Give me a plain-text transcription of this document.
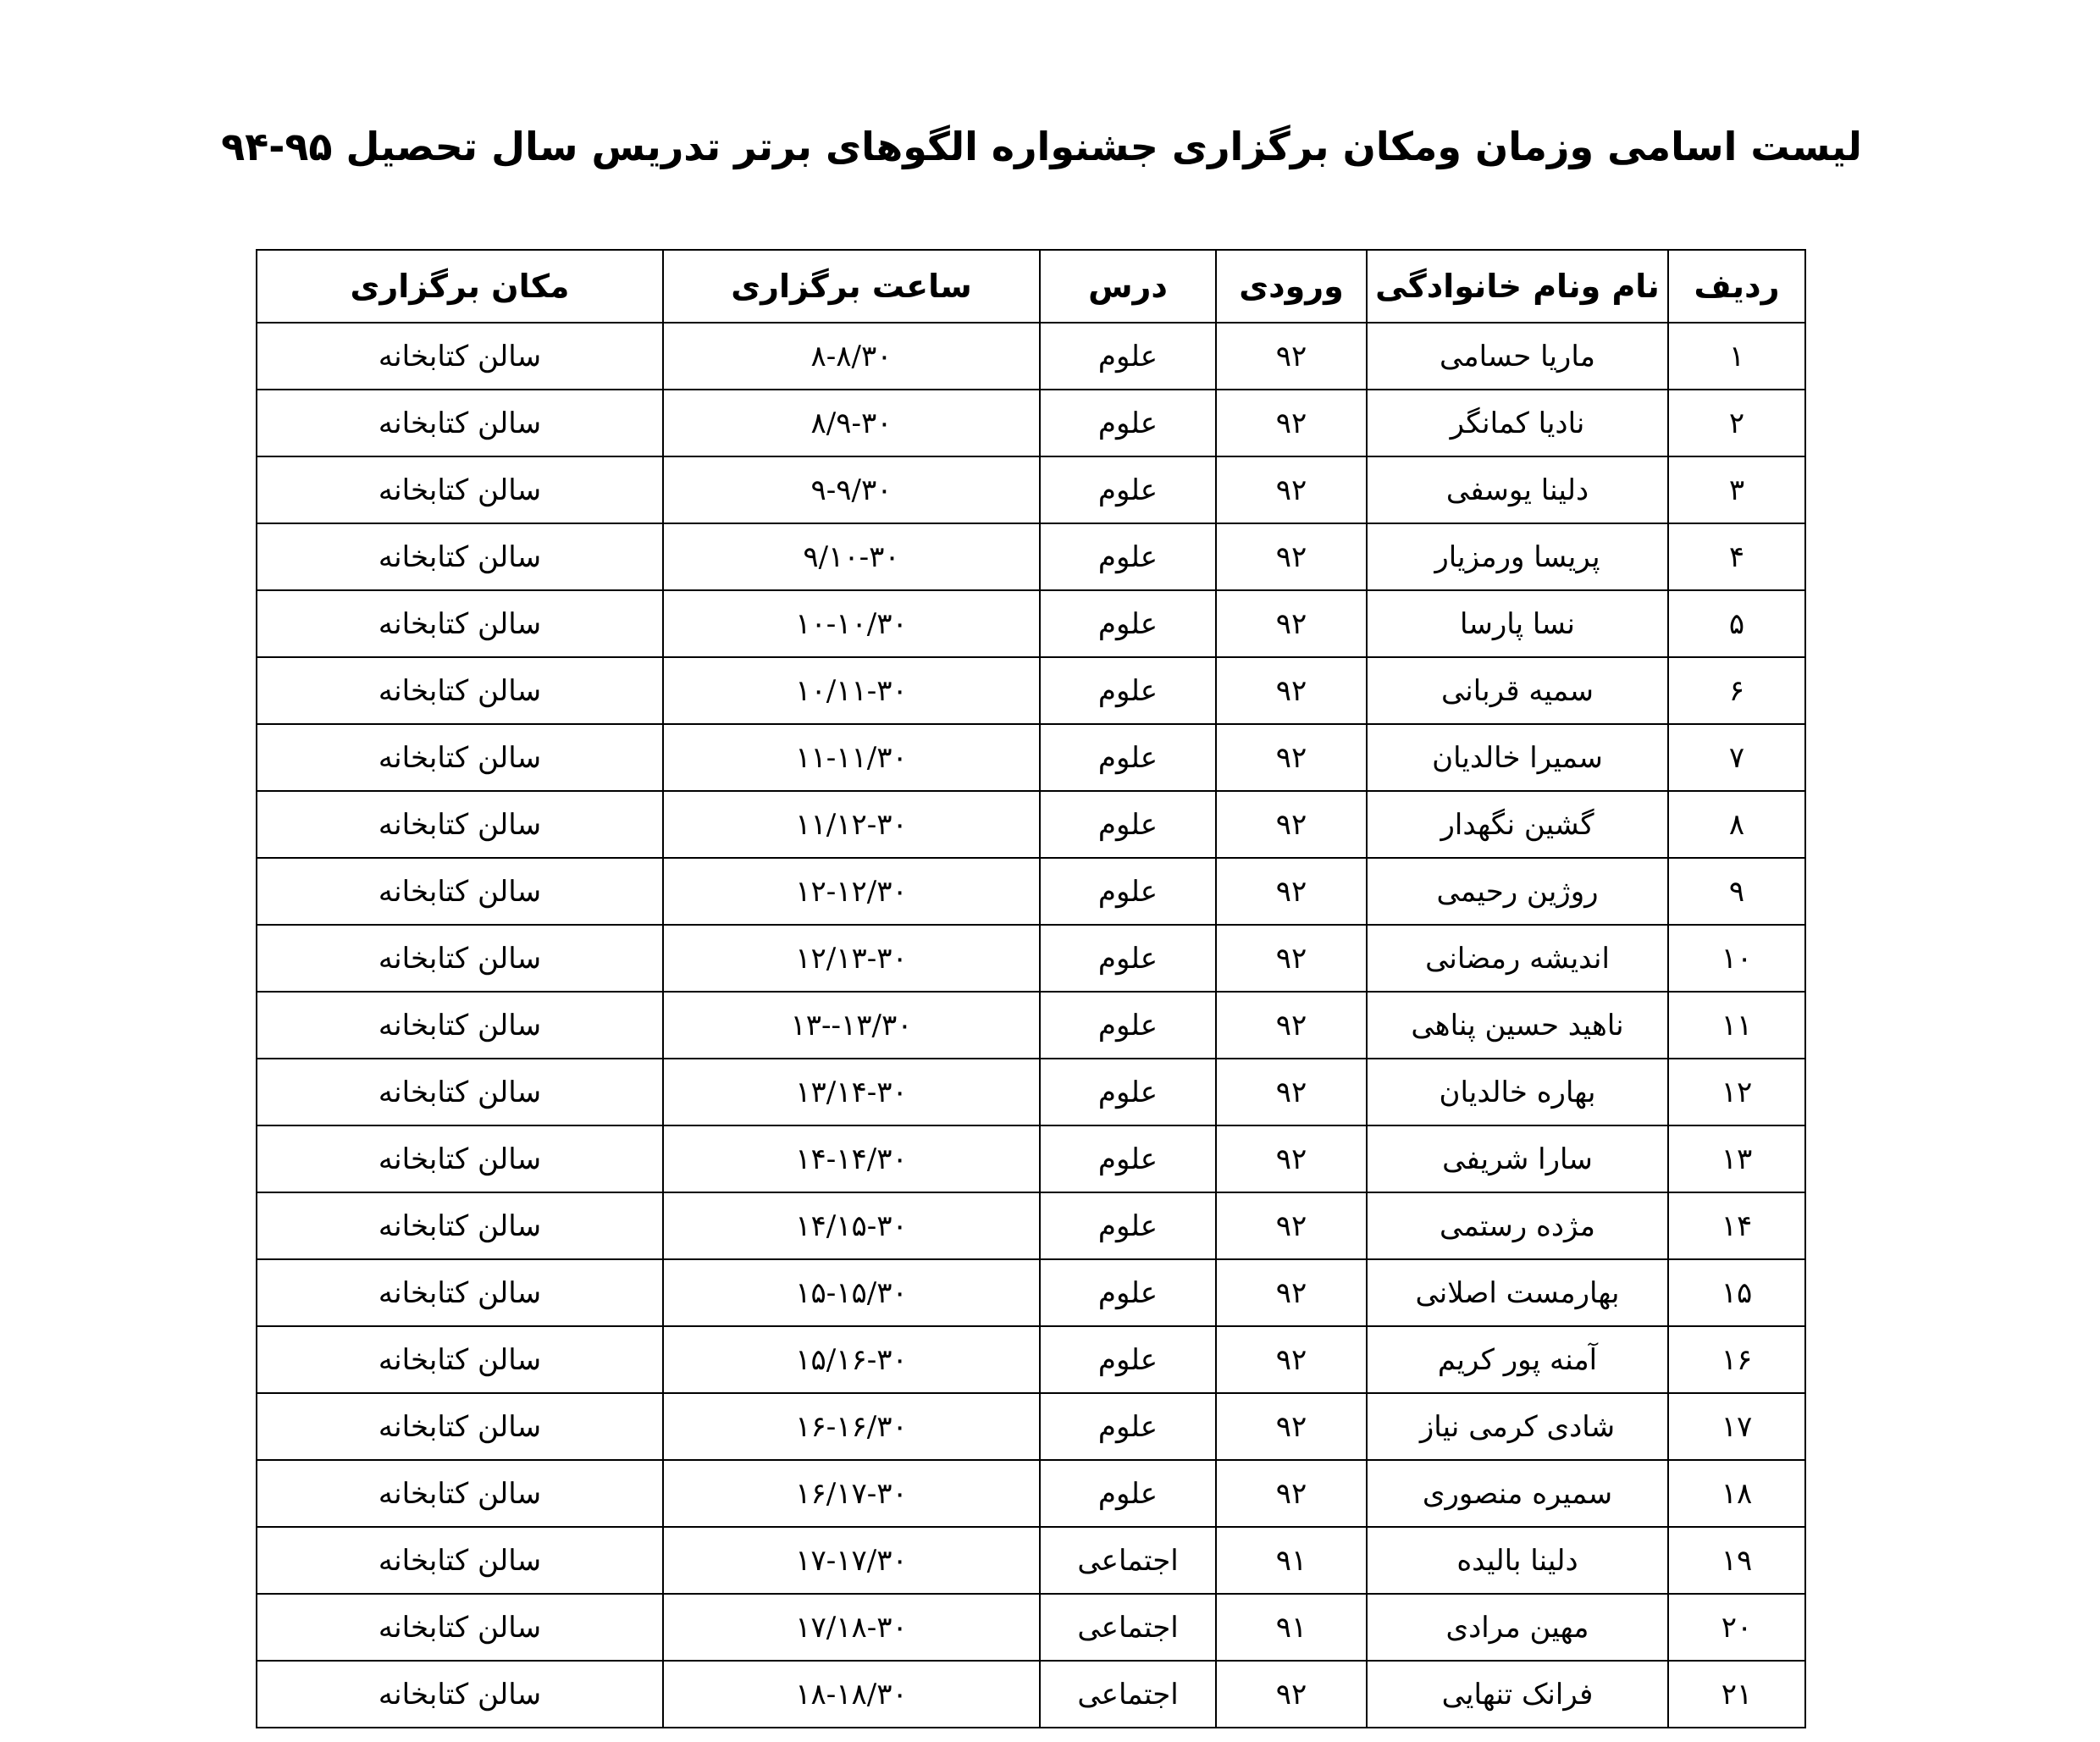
لیست اسامی وزمان ومکان برگزاری جشنواره الگوهای برتر تدریس سال تحصیل ۹۵-۹۴
ردیف	نام ونام خانوادگی	ورودی	درس	ساعت برگزاری	مکان برگزاری
۱	ماریا حسامی	۹۲	علوم	۸-۸/۳۰	سالن کتابخانه
۲	نادیا کمانگر	۹۲	علوم	۸/۹-۳۰	سالن کتابخانه
۳	دلینا یوسفی	۹۲	علوم	۹-۹/۳۰	سالن کتابخانه
۴	پریسا ورمزیار	۹۲	علوم	۹/۱۰-۳۰	سالن کتابخانه
۵	نسا پارسا	۹۲	علوم	۱۰-۱۰/۳۰	سالن کتابخانه
۶	سمیه قربانی	۹۲	علوم	۱۰/۱۱-۳۰	سالن کتابخانه
۷	سمیرا خالدیان	۹۲	علوم	۱۱-۱۱/۳۰	سالن کتابخانه
۸	گشین نگهدار	۹۲	علوم	۱۱/۱۲-۳۰	سالن کتابخانه
۹	روژین رحیمی	۹۲	علوم	۱۲-۱۲/۳۰	سالن کتابخانه
۱۰	اندیشه رمضانی	۹۲	علوم	۱۲/۱۳-۳۰	سالن کتابخانه
۱۱	ناهید حسین پناهی	۹۲	علوم	۱۳--۱۳/۳۰	سالن کتابخانه
۱۲	بهاره خالدیان	۹۲	علوم	۱۳/۱۴-۳۰	سالن کتابخانه
۱۳	سارا شریفی	۹۲	علوم	۱۴-۱۴/۳۰	سالن کتابخانه
۱۴	مژده رستمی	۹۲	علوم	۱۴/۱۵-۳۰	سالن کتابخانه
۱۵	بهارمست اصلانی	۹۲	علوم	۱۵-۱۵/۳۰	سالن کتابخانه
۱۶	آمنه پور کریم	۹۲	علوم	۱۵/۱۶-۳۰	سالن کتابخانه
۱۷	شادی کرمی نیاز	۹۲	علوم	۱۶-۱۶/۳۰	سالن کتابخانه
۱۸	سمیره منصوری	۹۲	علوم	۱۶/۱۷-۳۰	سالن کتابخانه
۱۹	دلینا بالیده	۹۱	اجتماعی	۱۷-۱۷/۳۰	سالن کتابخانه
۲۰	مهین مرادی	۹۱	اجتماعی	۱۷/۱۸-۳۰	سالن کتابخانه
۲۱	فرانک تنهایی	۹۲	اجتماعی	۱۸-۱۸/۳۰	سالن کتابخانه
